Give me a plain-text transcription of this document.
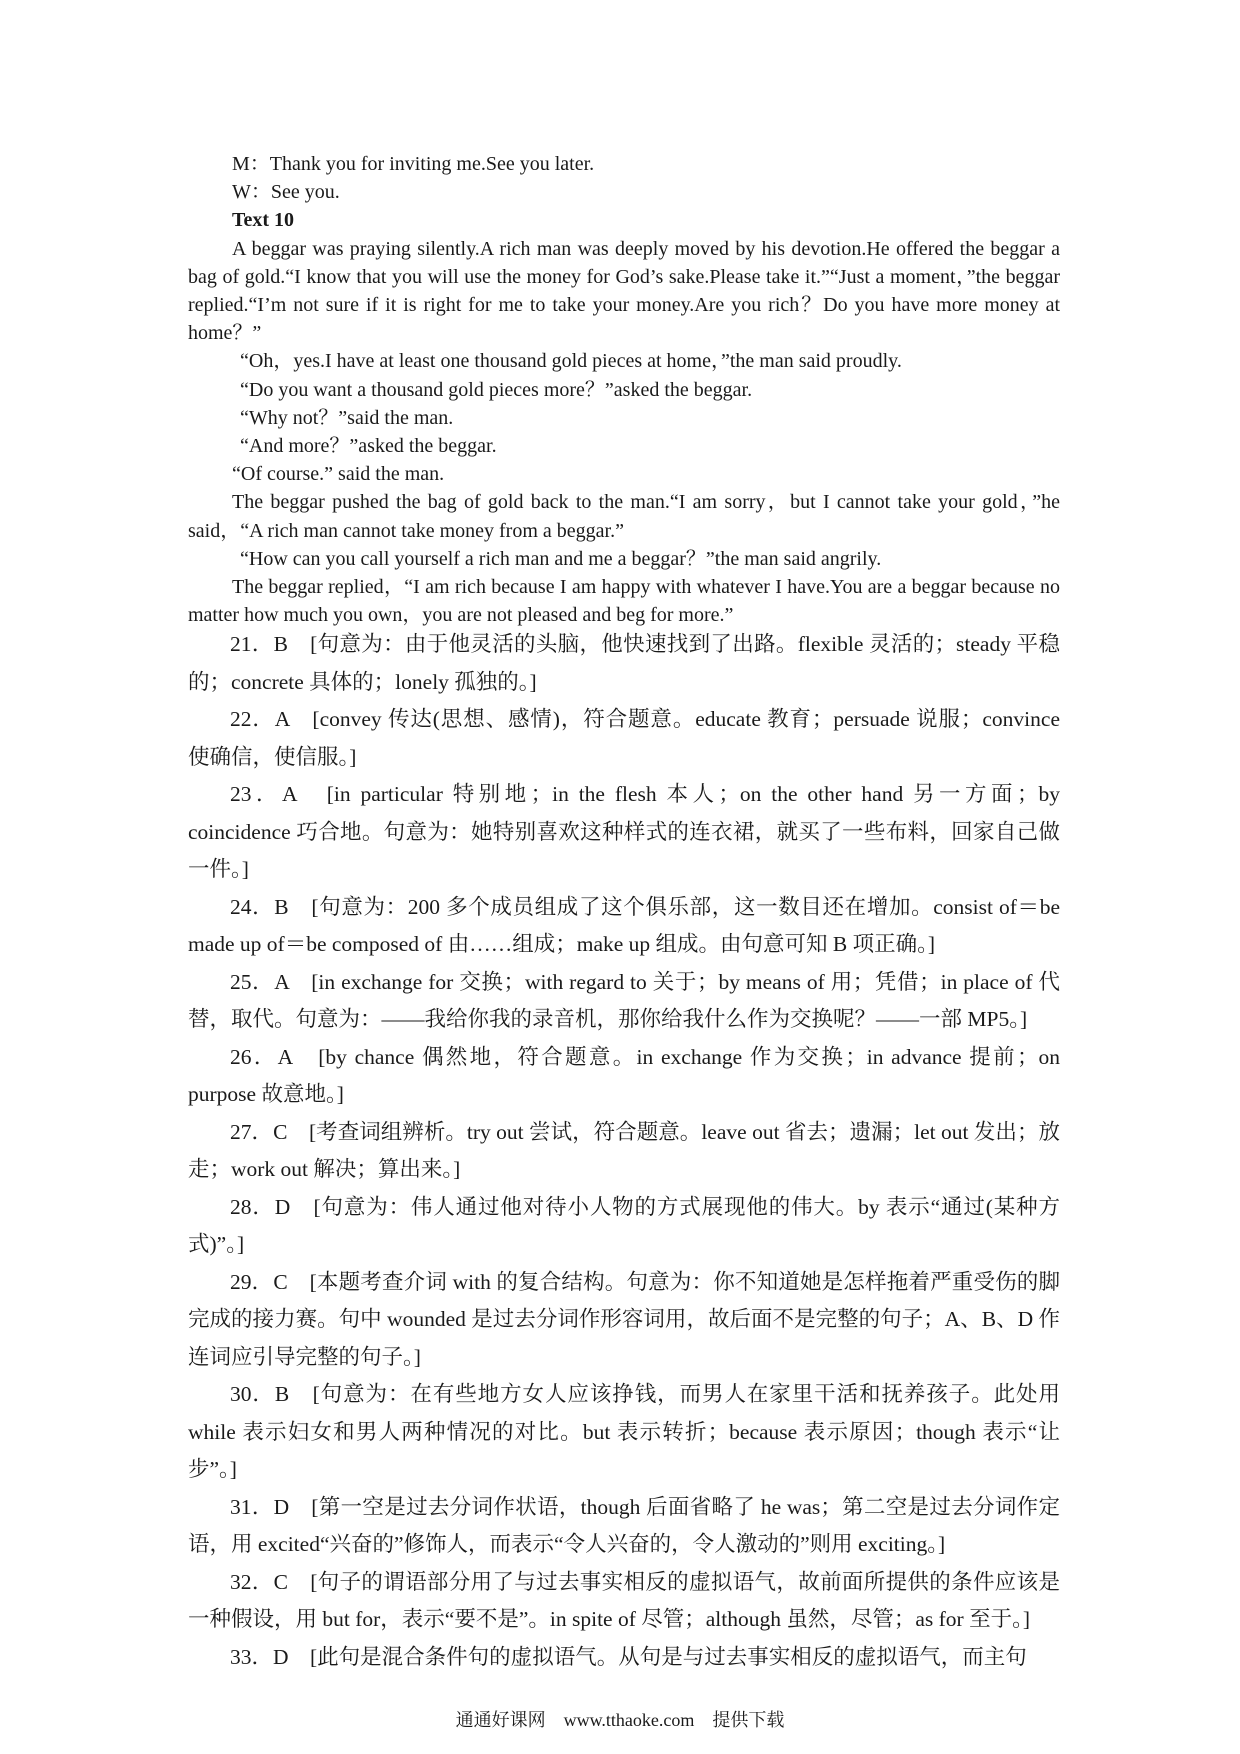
M：Thank you for inviting me.See you later.

W：See you.

Text 10

A beggar was praying silently.A rich man was deeply moved by his devotion.He offered the beggar a bag of gold.“I know that you will use the money for God’s sake.Please take it.”“Just a moment，”the beggar replied.“I’m not sure if it is right for me to take your money.Are you rich？Do you have more money at home？”

“Oh，yes.I have at least one thousand gold pieces at home，”the man said proudly.

“Do you want a thousand gold pieces more？”asked the beggar.

“Why not？”said the man.

“And more？”asked the beggar.

“Of course.” said the man.

The beggar pushed the bag of gold back to the man.“I am sorry，but I cannot take your gold，”he said，“A rich man cannot take money from a beggar.”

“How can you call yourself a rich man and me a beggar？”the man said angrily.

The beggar replied，“I am rich because I am happy with whatever I have.You are a beggar because no matter how much you own，you are not pleased and beg for more.”

21．B　[句意为：由于他灵活的头脑，他快速找到了出路。flexible 灵活的；steady 平稳的；concrete 具体的；lonely 孤独的。]

22．A　[convey 传达(思想、感情)，符合题意。educate 教育；persuade 说服；convince 使确信，使信服。]

23．A　[in particular 特别地；in the flesh 本人；on the other hand 另一方面；by coincidence 巧合地。句意为：她特别喜欢这种样式的连衣裙，就买了一些布料，回家自己做一件。]

24．B　[句意为：200 多个成员组成了这个俱乐部，这一数目还在增加。consist of＝be made up of＝be composed of 由……组成；make up 组成。由句意可知 B 项正确。]

25．A　[in exchange for 交换；with regard to 关于；by means of 用；凭借；in place of 代替，取代。句意为：——我给你我的录音机，那你给我什么作为交换呢？——一部 MP5。]

26．A　[by chance 偶然地，符合题意。in exchange 作为交换；in advance 提前；on purpose 故意地。]

27．C　[考查词组辨析。try out 尝试，符合题意。leave out 省去；遗漏；let out 发出；放走；work out 解决；算出来。]

28．D　[句意为：伟人通过他对待小人物的方式展现他的伟大。by 表示“通过(某种方式)”。]

29．C　[本题考查介词 with 的复合结构。句意为：你不知道她是怎样拖着严重受伤的脚完成的接力赛。句中 wounded 是过去分词作形容词用，故后面不是完整的句子；A、B、D 作连词应引导完整的句子。]

30．B　[句意为：在有些地方女人应该挣钱，而男人在家里干活和抚养孩子。此处用 while 表示妇女和男人两种情况的对比。but 表示转折；because 表示原因；though 表示“让步”。]

31．D　[第一空是过去分词作状语，though 后面省略了 he was；第二空是过去分词作定语，用 excited“兴奋的”修饰人，而表示“令人兴奋的，令人激动的”则用 exciting。]

32．C　[句子的谓语部分用了与过去事实相反的虚拟语气，故前面所提供的条件应该是一种假设，用 but for，表示“要不是”。in spite of 尽管；although 虽然，尽管；as for 至于。]

33．D　[此句是混合条件句的虚拟语气。从句是与过去事实相反的虚拟语气，而主句

通通好课网　www.tthaoke.com　提供下载
